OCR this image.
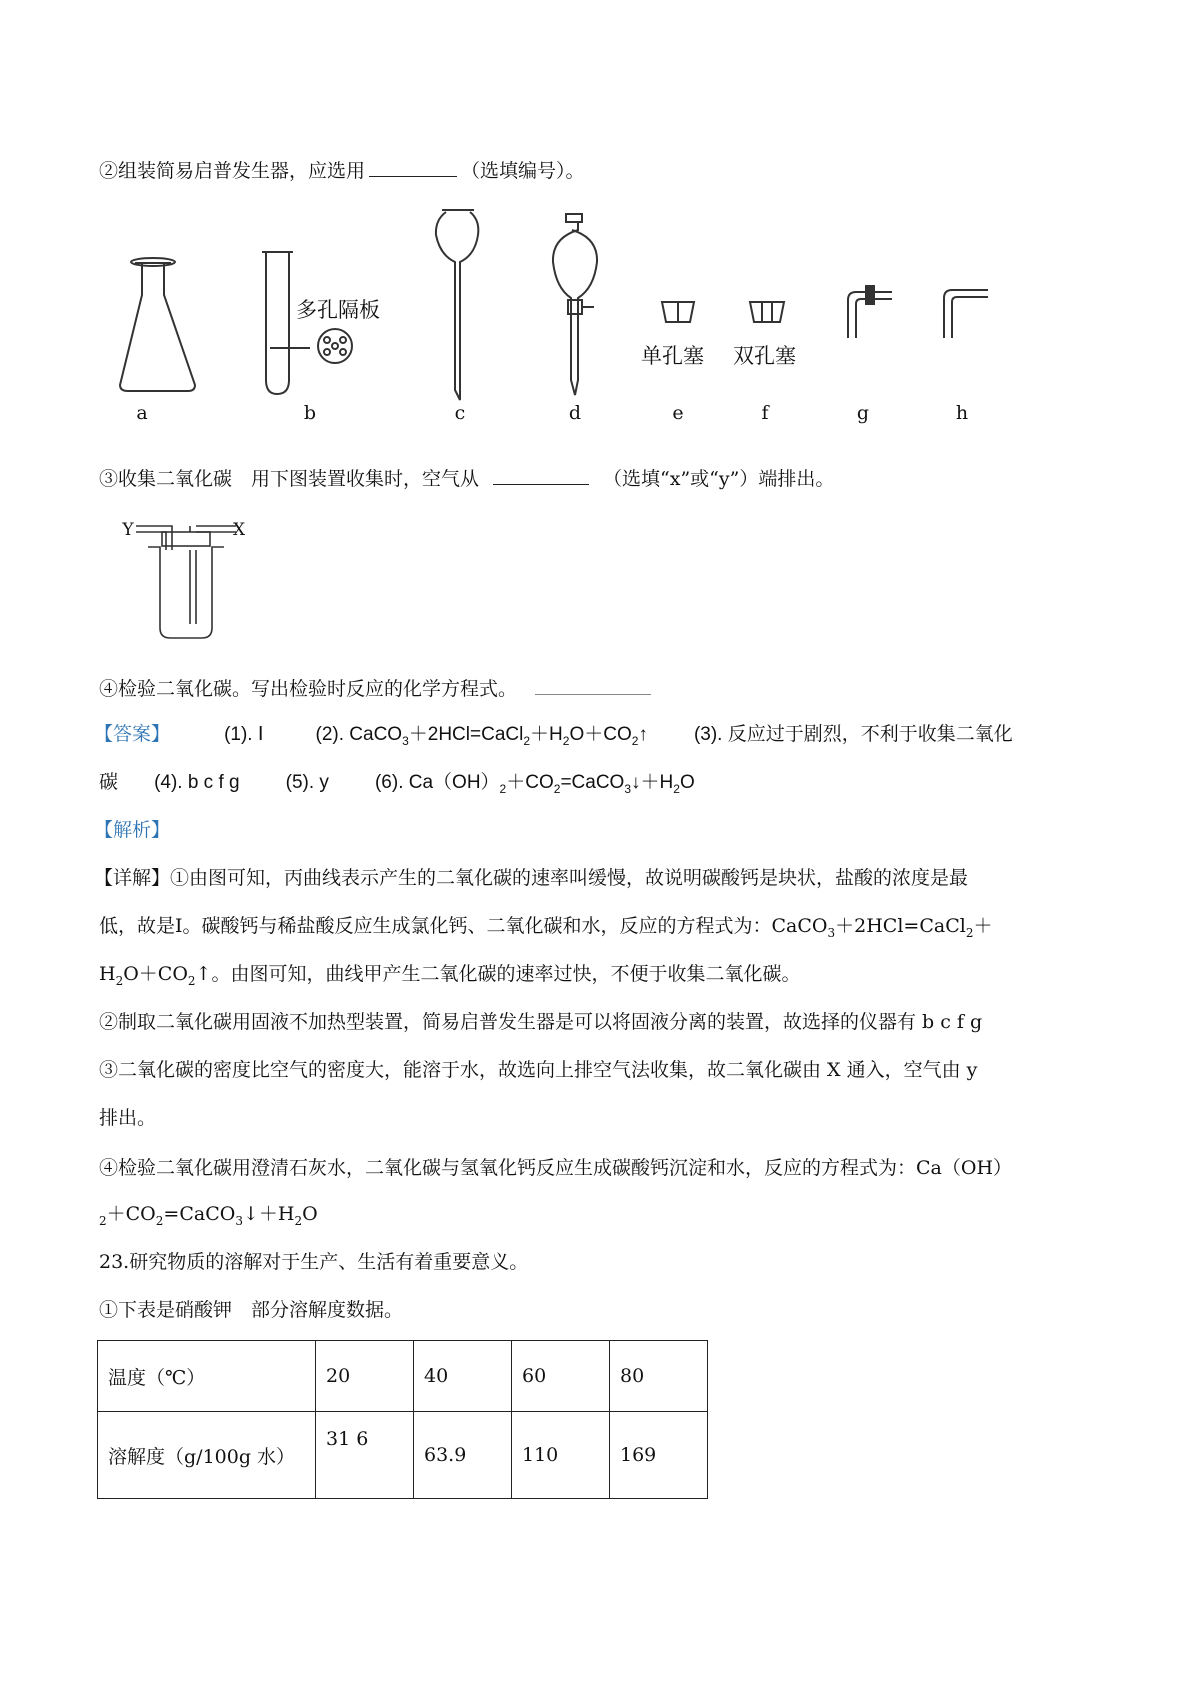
②组装简易启普发生器，应选用	（选填编号）。
多孔隔板
单孔塞 双孔塞
a	b	c	d	e	f	g	h
③收集二氧化碳　用下图装置收集时，空气从	（选填“x”或“y”）端排出。
Y	X
④检验二氧化碳。写出检验时反应的化学方程式。
【答案】	(1). Ⅰ	(2). $CaCO_3+2HCl=CaCl_2+H_2O+CO_2↑$ (3). 反应过于剧烈，不利于收集二氧化
碳 (4). b c f g (5). y (6). $Ca(OH)_2+CO_2=CaCO_3↓+H_2O$
【解析】
【详解】①由图可知，丙曲线表示产生的二氧化碳的速率叫缓慢，故说明碳酸钙是块状，盐酸的浓度是最
低，故是Ⅰ。碳酸钙与稀盐酸反应生成氯化钙、二氧化碳和水，反应的方程式为：CaCO$_3$＋2HCl=CaCl$_2$＋
$H_2O+CO_2↑$。由图可知，曲线甲产生二氧化碳的速率过快，不便于收集二氧化碳。
②制取二氧化碳用固液不加热型装置，简易启普发生器是可以将固液分离的装置，故选择的仪器有 b c f g
③二氧化碳的密度比空气的密度大，能溶于水，故选向上排空气法收集，故二氧化碳由 X 通入，空气由 y
排出。
④检验二氧化碳用澄清石灰水，二氧化碳与氢氧化钙反应生成碳酸钙沉淀和水，反应的方程式为：Ca（OH）
$_2+CO_2=CaCO_3↓+H_2O$
23.研究物质的溶解对于生产、生活有着重要意义。
①下表是硝酸钾　部分溶解度数据。
温度（℃）	20	40	60	80
溶解度（g/100g 水）	31 6	63.9	110	169
